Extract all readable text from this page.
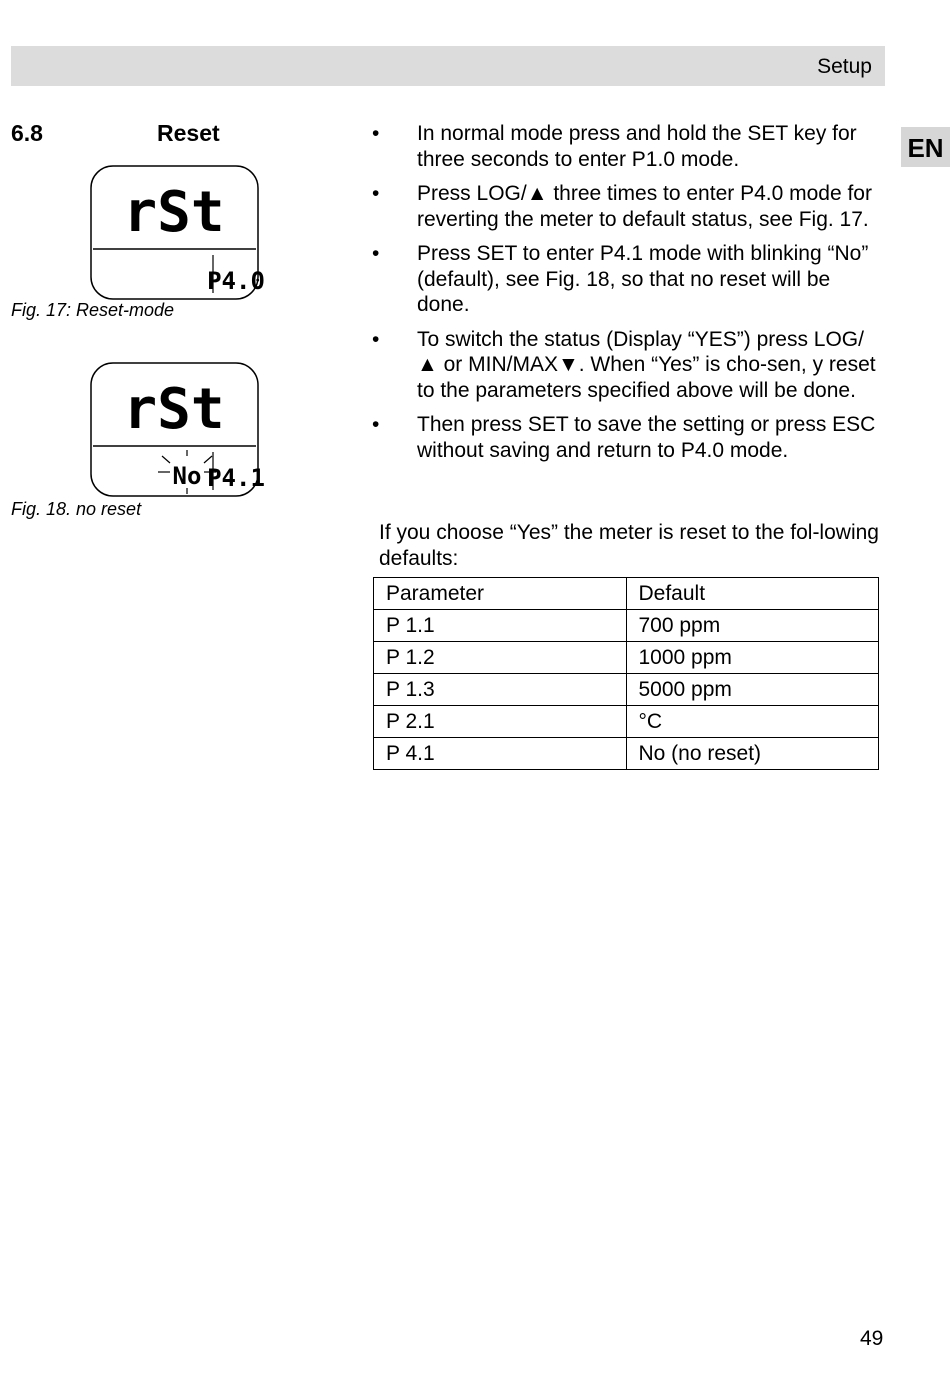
Setup
EN
6.8	Reset
rSt
P4.0
Fig. 17: Reset-mode
rSt
No P4.1
Fig. 18. no reset
• In normal mode press and hold the SET key for three seconds to enter P1.0 mode.
• Press LOG/▲ three times to enter P4.0 mode for reverting the meter to default status, see Fig. 17.
• Press SET to enter P4.1 mode with blinking “No” (default), see Fig. 18, so that no reset will be done.
• To switch the status (Display “YES”) press LOG/▲ or MIN/MAX▼. When “Yes” is cho-sen, y reset to the parameters specified above will be done.
• Then press SET to save the setting or press ESC without saving and return to P4.0 mode.
If you choose “Yes” the meter is reset to the fol-lowing defaults:
Parameter	Default
P 1.1	700 ppm
P 1.2	1000 ppm
P 1.3	5000 ppm
P 2.1	°C
P 4.1	No (no reset)
49
